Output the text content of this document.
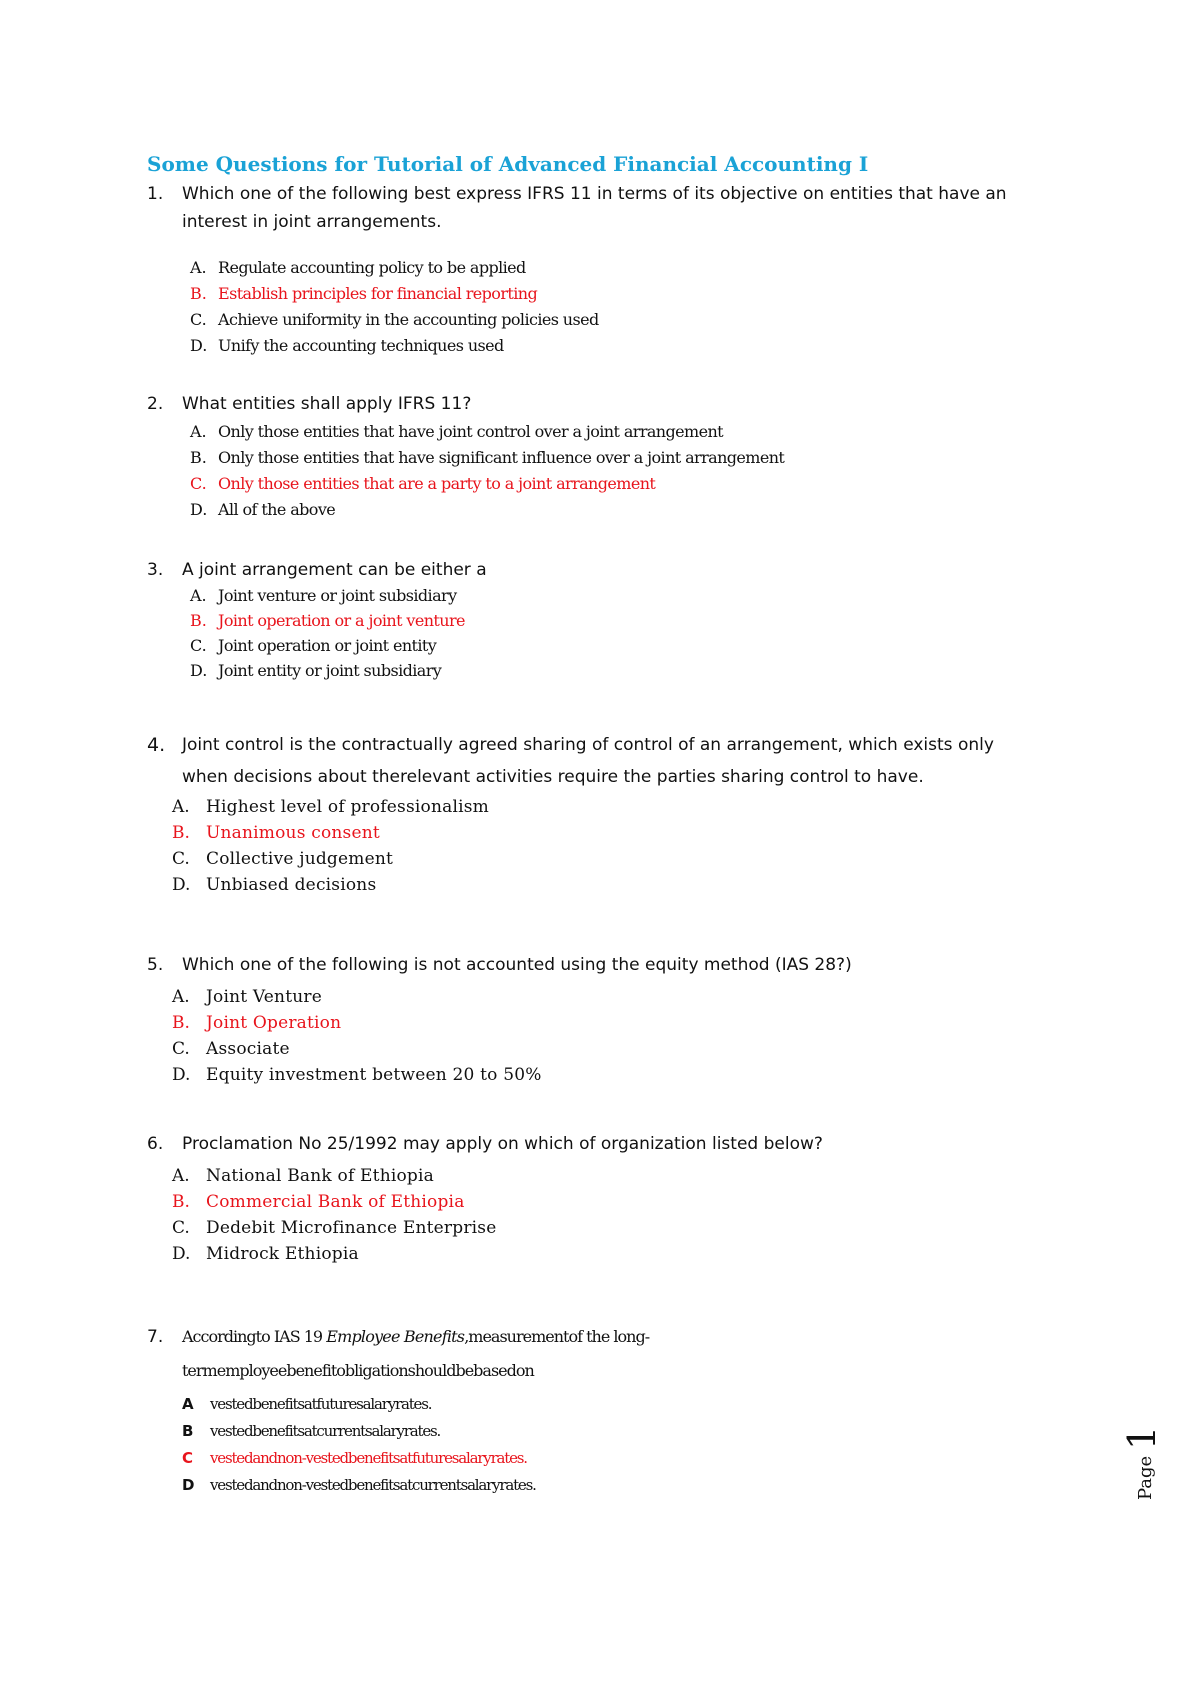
Some Questions for Tutorial of Advanced Financial Accounting I
1.	Which one of the following best express IFRS 11 in terms of its objective on entities that have an
interest in joint arrangements.
A. Regulate accounting policy to be applied
B. Establish principles for financial reporting
C. Achieve uniformity in the accounting policies used
D. Unify the accounting techniques used
2.	What entities shall apply IFRS 11?
A. Only those entities that have joint control over a joint arrangement
B. Only those entities that have significant influence over a joint arrangement
C. Only those entities that are a party to a joint arrangement
D. All of the above
3.	A joint arrangement can be either a
A. Joint venture or joint subsidiary
B. Joint operation or a joint venture
C. Joint operation or joint entity
D. Joint entity or joint subsidiary
4. Joint control is the contractually agreed sharing of control of an arrangement, which exists only
when decisions about therelevant activities require the parties sharing control to have.
A. Highest level of professionalism
B. Unanimous consent
C. Collective judgement
D. Unbiased decisions
5.	Which one of the following is not accounted using the equity method (IAS 28?)
A. Joint Venture
B. Joint Operation
C. Associate
D. Equity investment between 20 to 50%
6.	Proclamation No 25/1992 may apply on which of organization listed below?
A. National Bank of Ethiopia
B. Commercial Bank of Ethiopia
C. Dedebit Microfinance Enterprise
D. Midrock Ethiopia
7.	Accordingto IAS 19 Employee Benefits,measurementof the long-
termemployeebenefitobligationshouldbebasedon
A vestedbenefitsatfuturesalaryrates.
B vestedbenefitsatcurrentsalaryrates.
C vestedandnon-vestedbenefitsatfuturesalaryrates.
D vestedandnon-vestedbenefitsatcurrentsalaryrates.	Page 1
